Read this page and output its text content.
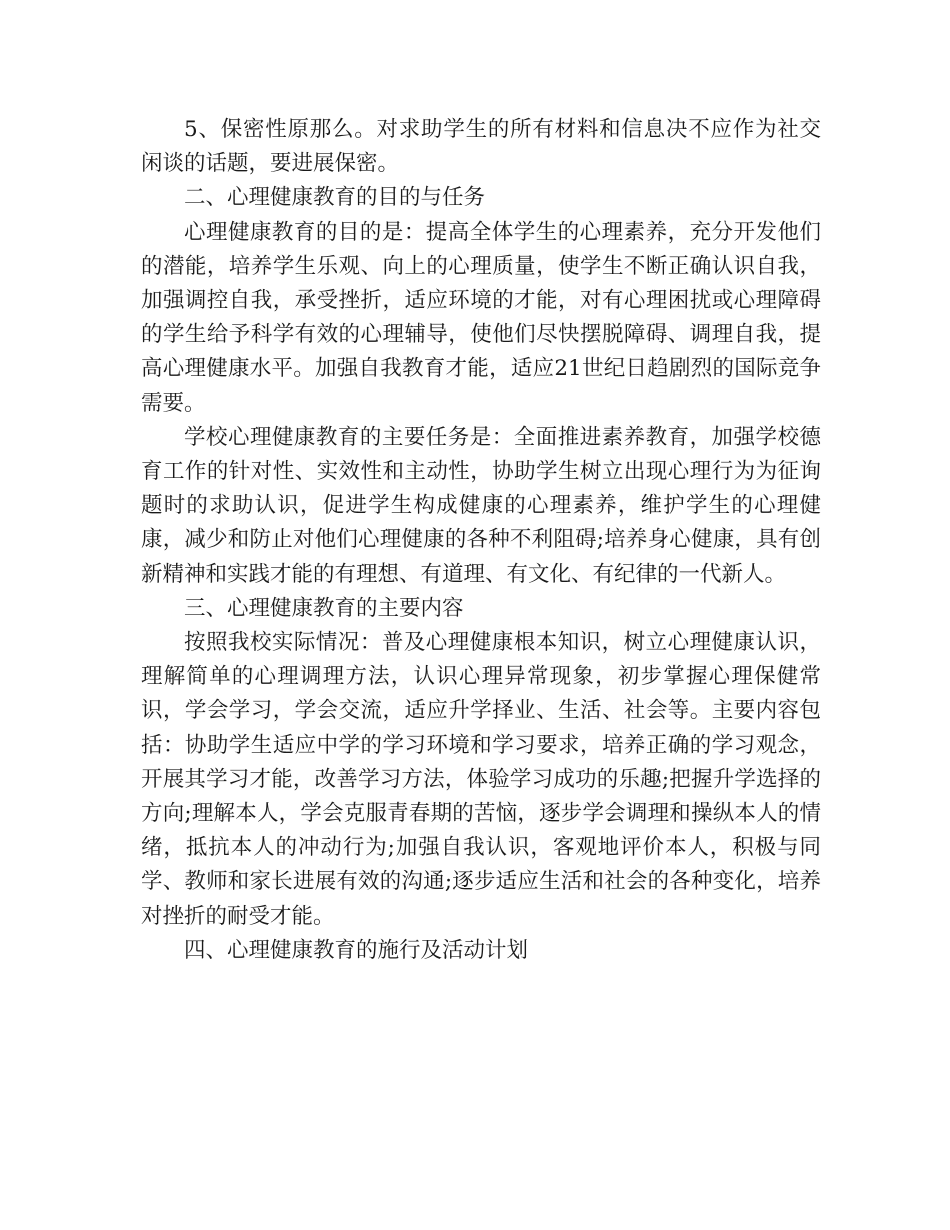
5、保密性原那么。对求助学生的所有材料和信息决不应作为社交闲谈的话题，要进展保密。

二、心理健康教育的目的与任务

心理健康教育的目的是：提高全体学生的心理素养，充分开发他们的潜能，培养学生乐观、向上的心理质量，使学生不断正确认识自我，加强调控自我，承受挫折，适应环境的才能，对有心理困扰或心理障碍的学生给予科学有效的心理辅导，使他们尽快摆脱障碍、调理自我，提高心理健康水平。加强自我教育才能，适应21世纪日趋剧烈的国际竞争需要。

学校心理健康教育的主要任务是：全面推进素养教育，加强学校德育工作的针对性、实效性和主动性，协助学生树立出现心理行为为征询题时的求助认识，促进学生构成健康的心理素养，维护学生的心理健康，减少和防止对他们心理健康的各种不利阻碍;培养身心健康，具有创新精神和实践才能的有理想、有道理、有文化、有纪律的一代新人。

三、心理健康教育的主要内容

按照我校实际情况：普及心理健康根本知识，树立心理健康认识，理解简单的心理调理方法，认识心理异常现象，初步掌握心理保健常识，学会学习，学会交流，适应升学择业、生活、社会等。主要内容包括：协助学生适应中学的学习环境和学习要求，培养正确的学习观念，开展其学习才能，改善学习方法，体验学习成功的乐趣;把握升学选择的方向;理解本人，学会克服青春期的苦恼，逐步学会调理和操纵本人的情绪，抵抗本人的冲动行为;加强自我认识，客观地评价本人，积极与同学、教师和家长进展有效的沟通;逐步适应生活和社会的各种变化，培养对挫折的耐受才能。

四、心理健康教育的施行及活动计划
